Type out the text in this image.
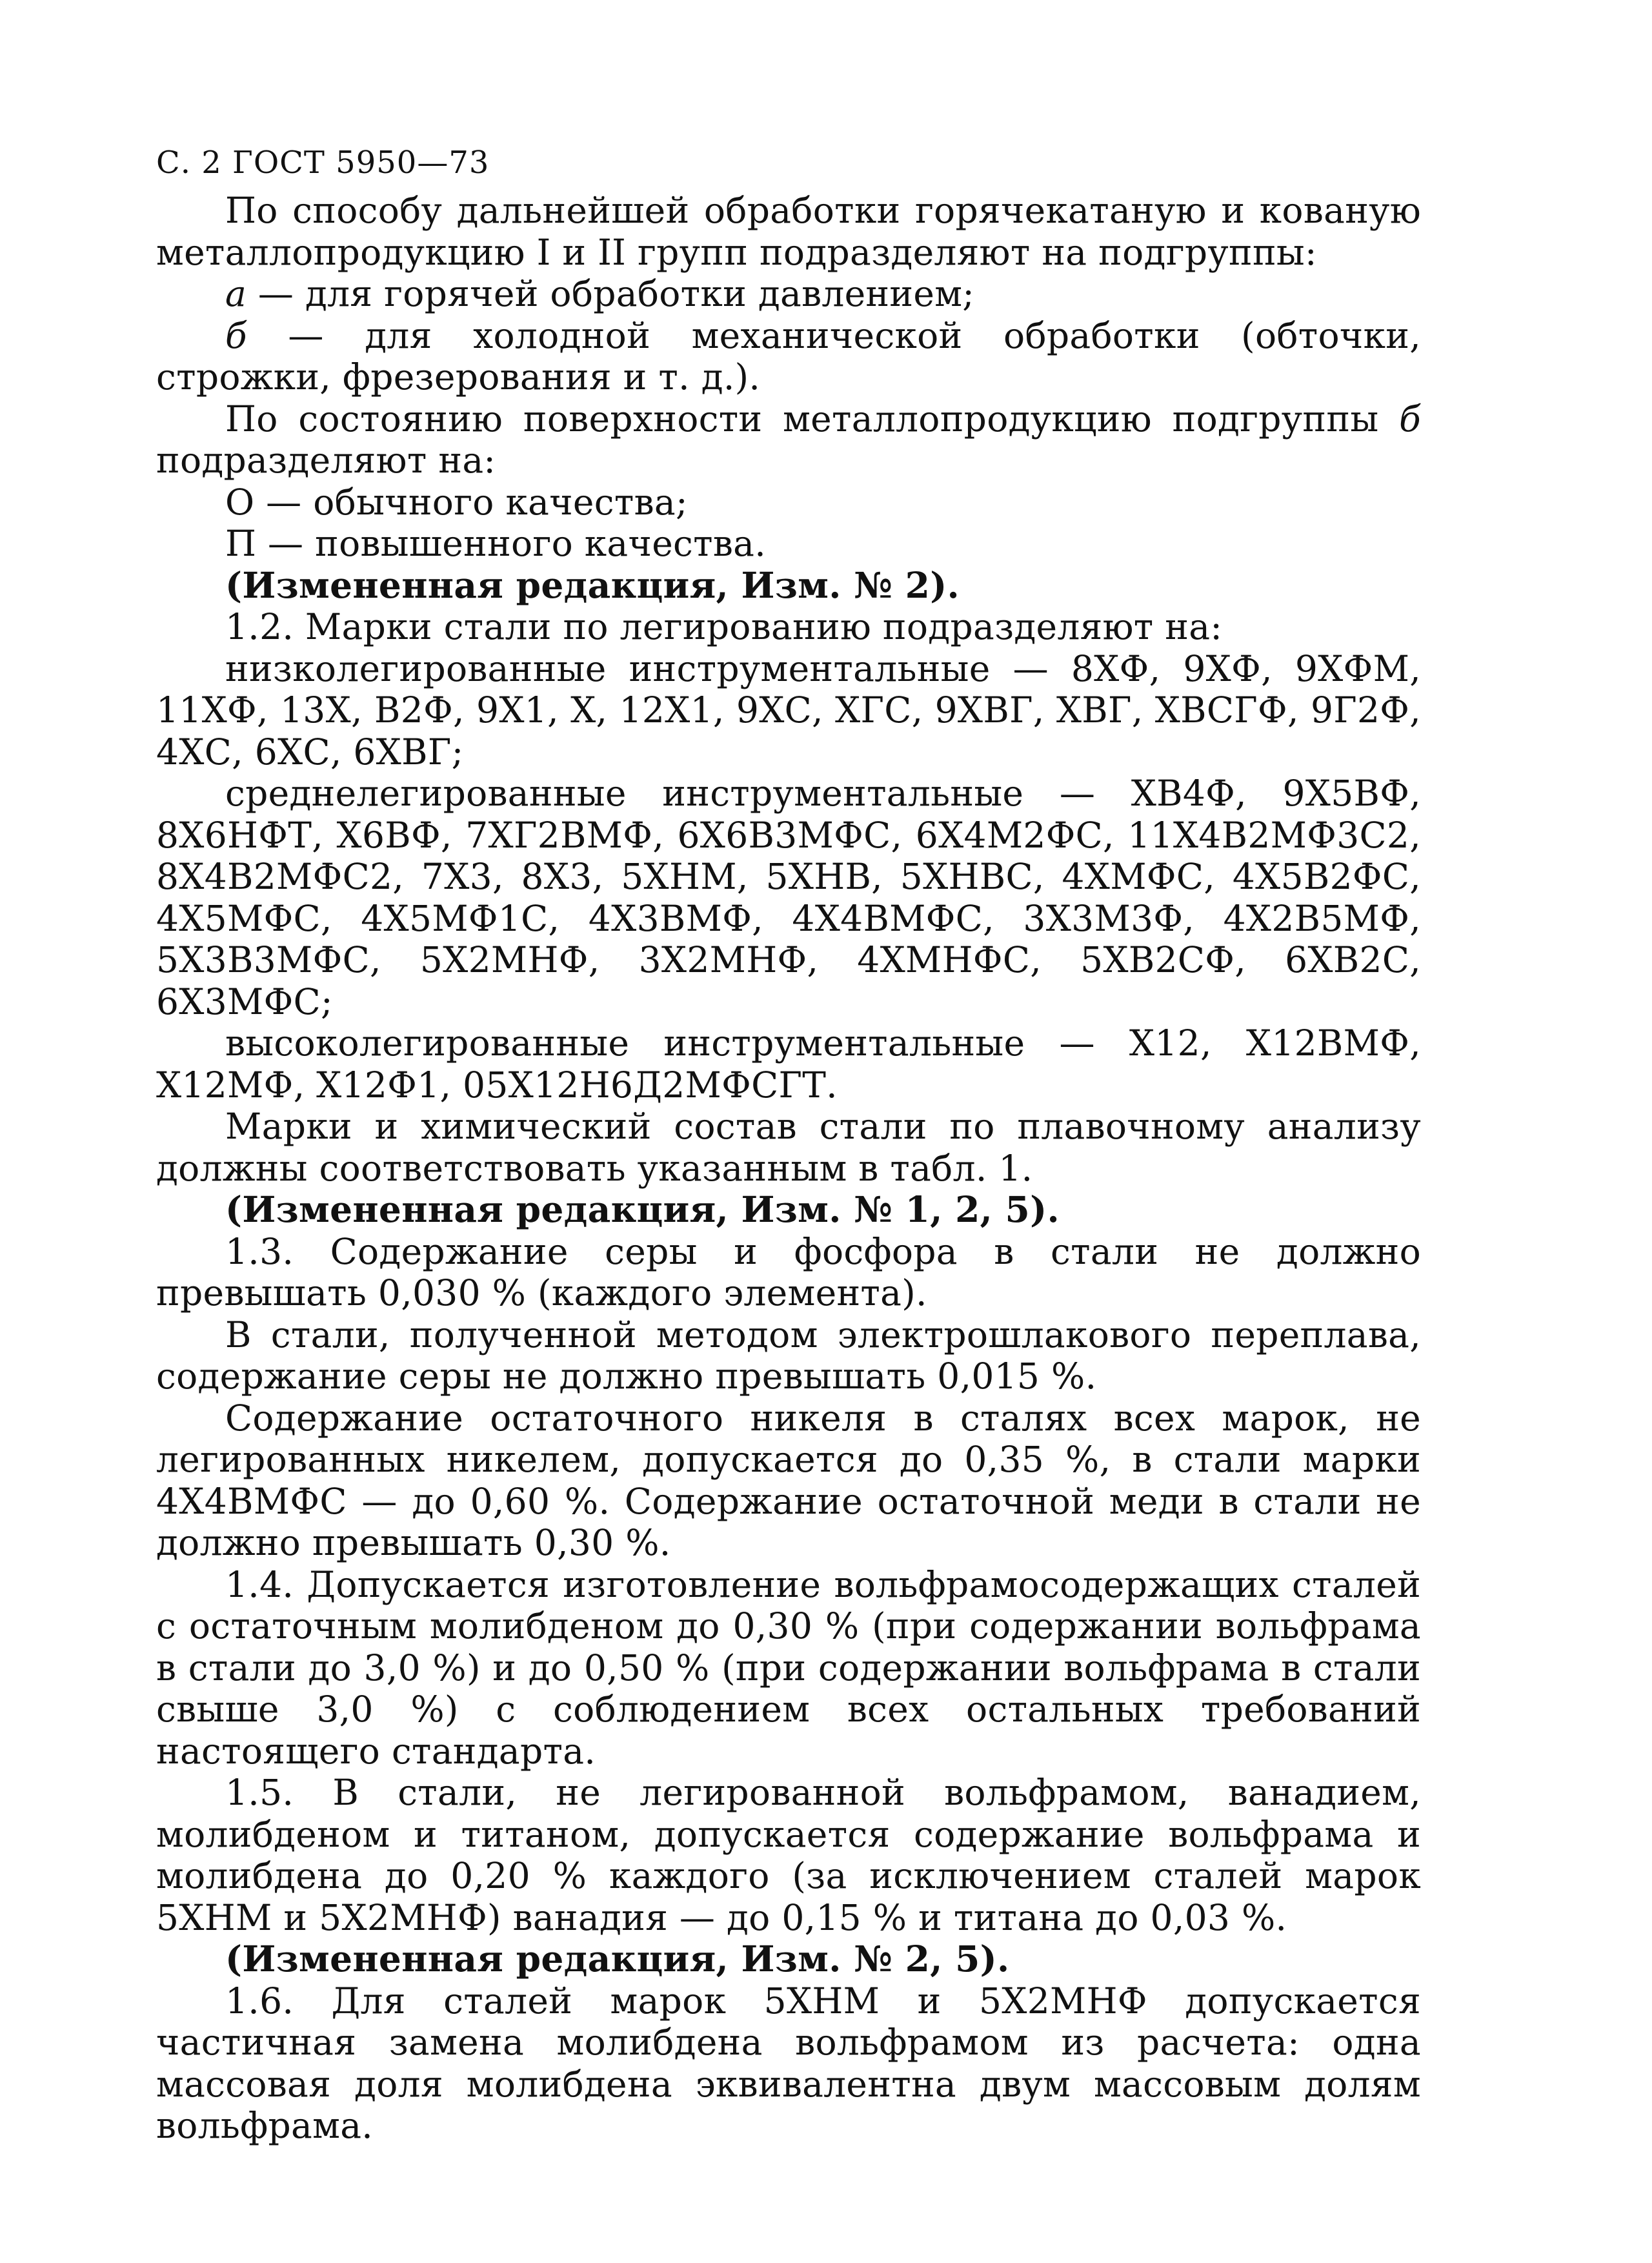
С. 2 ГОСТ 5950—73

По способу дальнейшей обработки горячекатаную и кованую металлопродукцию I и II групп подразделяют на подгруппы:

а — для горячей обработки давлением;

б — для холодной механической обработки (обточки, строжки, фрезерования и т. д.).

По состоянию поверхности металлопродукцию подгруппы б подразделяют на:

О — обычного качества;

П — повышенного качества.

(Измененная редакция, Изм. № 2).

1.2. Марки стали по легированию подразделяют на:

низколегированные инструментальные — 8ХФ, 9ХФ, 9ХФМ, 11ХФ, 13Х, В2Ф, 9Х1, Х, 12Х1, 9ХС, ХГС, 9ХВГ, ХВГ, ХВСГФ, 9Г2Ф, 4ХС, 6ХС, 6ХВГ;

среднелегированные инструментальные — ХВ4Ф, 9Х5ВФ, 8Х6НФТ, Х6ВФ, 7ХГ2ВМФ, 6Х6В3МФС, 6Х4М2ФС, 11Х4В2МФ3С2, 8Х4В2МФС2, 7Х3, 8Х3, 5ХНМ, 5ХНВ, 5ХНВС, 4ХМФС, 4Х5В2ФС, 4Х5МФС, 4Х5МФ1С, 4Х3ВМФ, 4Х4ВМФС, 3Х3М3Ф, 4Х2В5МФ, 5Х3В3МФС, 5Х2МНФ, 3Х2МНФ, 4ХМНФС, 5ХВ2СФ, 6ХВ2С, 6Х3МФС;

высоколегированные инструментальные — Х12, Х12ВМФ, Х12МФ, Х12Ф1, 05Х12Н6Д2МФСГТ.

Марки и химический состав стали по плавочному анализу должны соответствовать указанным в табл. 1.

(Измененная редакция, Изм. № 1, 2, 5).

1.3. Содержание серы и фосфора в стали не должно превышать 0,030 % (каждого элемента).

В стали, полученной методом электрошлакового переплава, содержание серы не должно превышать 0,015 %.

Содержание остаточного никеля в сталях всех марок, не легированных никелем, допускается до 0,35 %, в стали марки 4Х4ВМФС — до 0,60 %. Содержание остаточной меди в стали не должно превышать 0,30 %.

1.4. Допускается изготовление вольфрамосодержащих сталей с остаточным молибденом до 0,30 % (при содержании вольфрама в стали до 3,0 %) и до 0,50 % (при содержании вольфрама в стали свыше 3,0 %) с соблюдением всех остальных требований настоящего стандарта.

1.5. В стали, не легированной вольфрамом, ванадием, молибденом и титаном, допускается содержание вольфрама и молибдена до 0,20 % каждого (за исключением сталей марок 5ХНМ и 5Х2МНФ) ванадия — до 0,15 % и титана до 0,03 %.

(Измененная редакция, Изм. № 2, 5).

1.6. Для сталей марок 5ХНМ и 5Х2МНФ допускается частичная замена молибдена вольфрамом из расчета: одна массовая доля молибдена эквивалентна двум массовым долям вольфрама.
